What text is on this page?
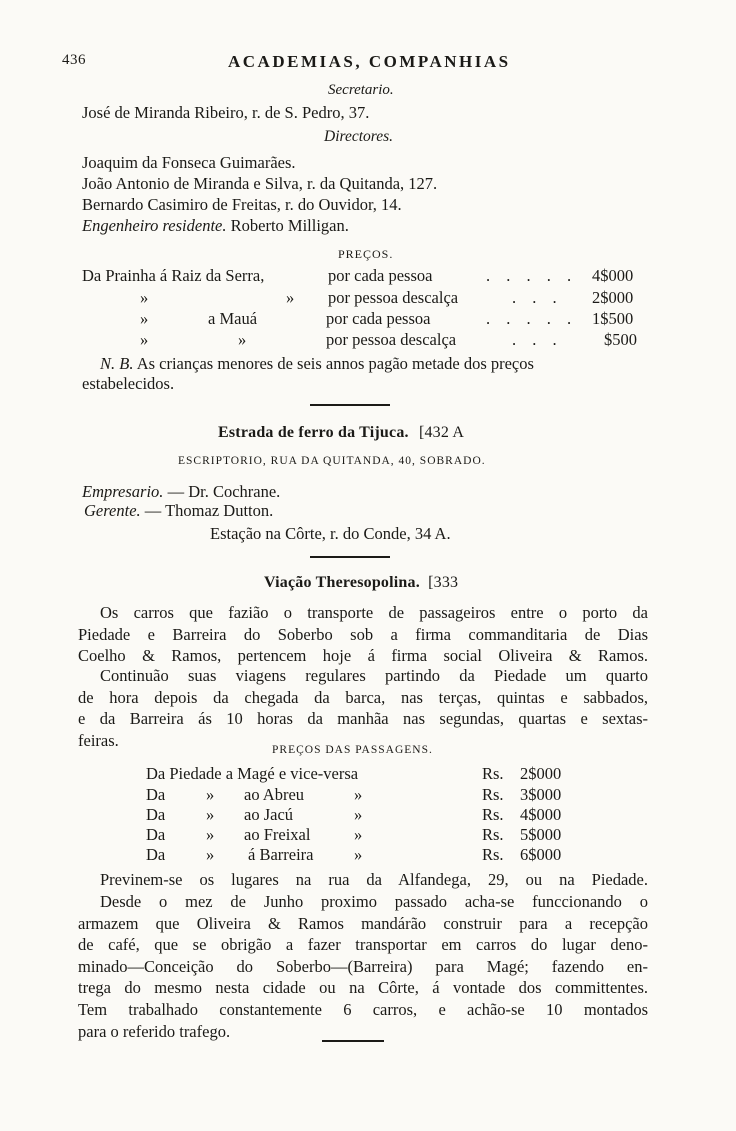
436	ACADEMIAS, COMPANHIAS
Secretario.
José de Miranda Ribeiro, r. de S. Pedro, 37.
Directores.
Joaquim da Fonseca Guimarães.
João Antonio de Miranda e Silva, r. da Quitanda, 127.
Bernardo Casimiro de Freitas, r. do Ouvidor, 14.
Engenheiro residente. Roberto Milligan.
PREÇOS.
Da Prainha á Raiz da Serra,	por cada pessoa	. . . . . 4$000
»	» por pessoa descalça	. . . 2$000
»	a Mauá	por cada pessoa	. . . . . 1$500
»	»	por pessoa descalça	. . .	$500
N. B. As crianças menores de seis annos pagão metade dos preços
estabelecidos.
Estrada de ferro da Tijuca. [432 A
ESCRIPTORIO, RUA DA QUITANDA, 40, SOBRADO.
Empresario. — Dr. Cochrane.
Gerente. — Thomaz Dutton.
Estação na Côrte, r. do Conde, 34 A.
Viação Theresopolina. [333
Os carros que fazião o transporte de passageiros entre o porto da
Piedade e Barreira do Soberbo sob a firma commanditaria de Dias
Coelho & Ramos, pertencem hoje á firma social Oliveira & Ramos.
Continuão suas viagens regulares partindo da Piedade um quarto
de hora depois da chegada da barca, nas terças, quintas e sabbados,
e da Barreira ás 10 horas da manhãa nas segundas, quartas e sextas-
feiras.
PREÇOS DAS PASSAGENS.
Da Piedade a Magé e vice-versa	Rs. 2$000
Da » ao Abreu	»	Rs. 3$000
Da » ao Jacú	»	Rs. 4$000
Da » ao Freixal	»	Rs. 5$000
Da » á Barreira »	Rs. 6$000
Previnem-se os lugares na rua da Alfandega, 29, ou na Piedade.
Desde o mez de Junho proximo passado acha-se funccionando o
armazem que Oliveira & Ramos mandárão construir para a recepção
de café, que se obrigão a fazer transportar em carros do lugar deno-
minado—Conceição do Soberbo—(Barreira) para Magé; fazendo en-
trega do mesmo nesta cidade ou na Côrte, á vontade dos committentes.
Tem trabalhado constantemente 6 carros, e achão-se 10 montados
para o referido trafego.
